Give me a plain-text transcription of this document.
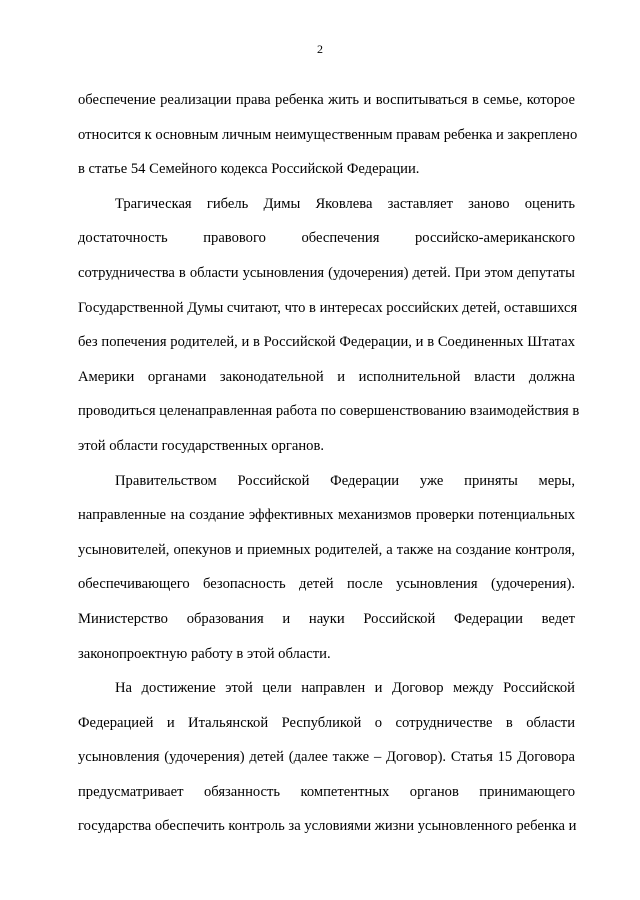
2
обеспечение реализации права ребенка жить и воспитываться в семье, которое
относится к основным личным неимущественным правам ребенка и закреплено
в статье 54 Семейного кодекса Российской Федерации.
Трагическая гибель Димы Яковлева заставляет заново оценить
достаточность правового обеспечения российско-американского
сотрудничества в области усыновления (удочерения) детей. При этом депутаты
Государственной Думы считают, что в интересах российских детей, оставшихся
без попечения родителей, и в Российской Федерации, и в Соединенных Штатах
Америки органами законодательной и исполнительной власти должна
проводиться целенаправленная работа по совершенствованию взаимодействия в
этой области государственных органов.
Правительством Российской Федерации уже приняты меры,
направленные на создание эффективных механизмов проверки потенциальных
усыновителей, опекунов и приемных родителей, а также на создание контроля,
обеспечивающего безопасность детей после усыновления (удочерения).
Министерство образования и науки Российской Федерации ведет
законопроектную работу в этой области.
На достижение этой цели направлен и Договор между Российской
Федерацией и Итальянской Республикой о сотрудничестве в области
усыновления (удочерения) детей (далее также – Договор). Статья 15 Договора
предусматривает обязанность компетентных органов принимающего
государства обеспечить контроль за условиями жизни усыновленного ребенка и
